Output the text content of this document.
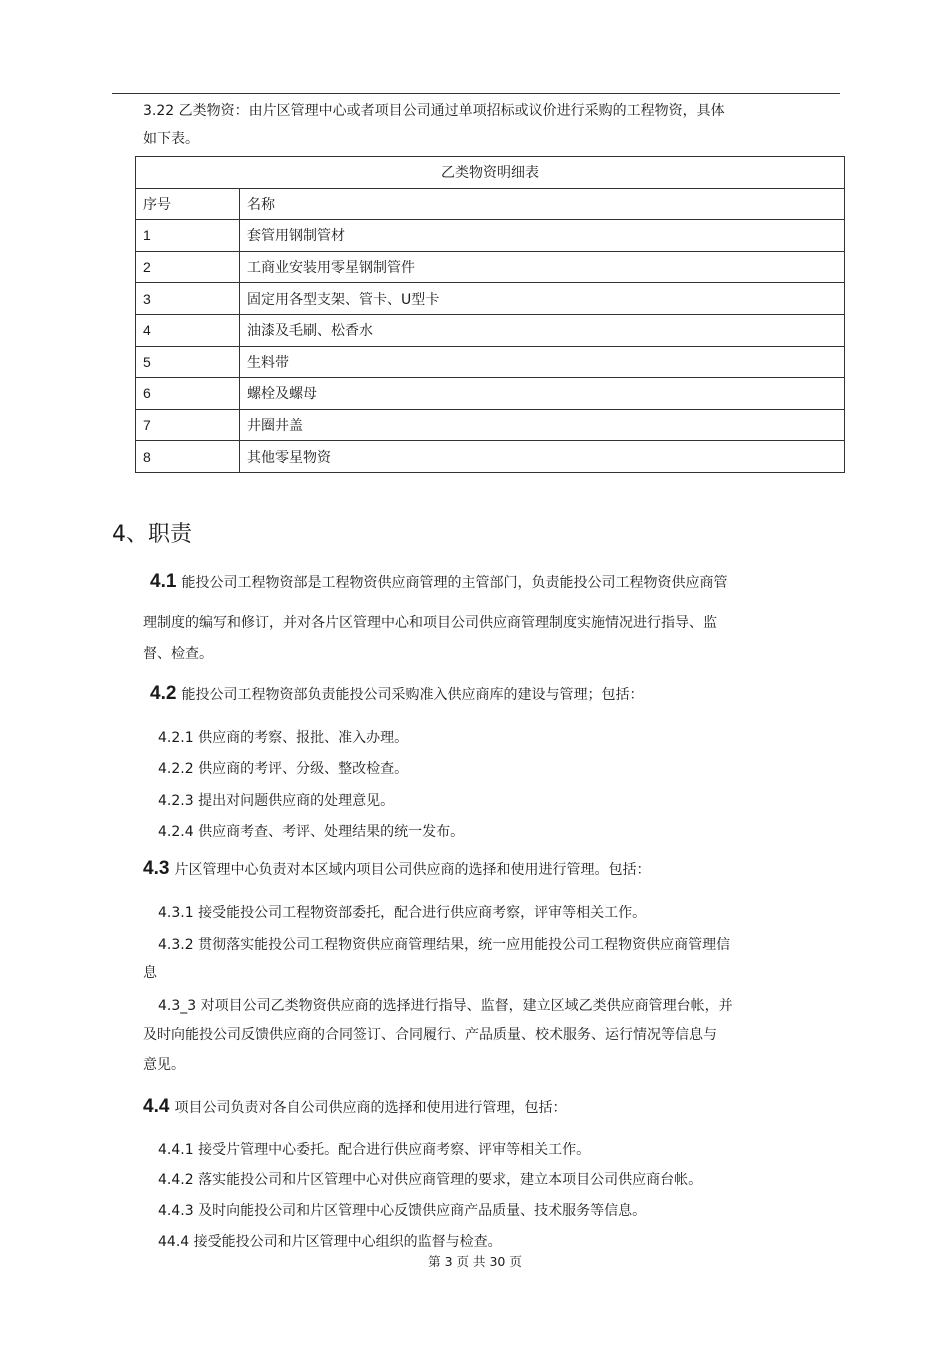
3.22 乙类物资：由片区管理中心或者项目公司通过单项招标或议价进行采购的工程物资，具体
如下表。
乙类物资明细表	
序号	名称
1	套管用钢制管材
2	工商业安装用零星钢制管件
3	固定用各型支架、管卡、U型卡
4	油漆及毛刷、松香水
5	生料带
6	螺栓及螺母
7	井圈井盖
8	其他零星物资
4、职责
4.1 能投公司工程物资部是工程物资供应商管理的主管部门，负责能投公司工程物资供应商管
理制度的编写和修订，并对各片区管理中心和项目公司供应商管理制度实施情况进行指导、监
督、检查。
4.2 能投公司工程物资部负责能投公司采购准入供应商库的建设与管理；包括：
4.2.1 供应商的考察、报批、准入办理。
4.2.2 供应商的考评、分级、整改检查。
4.2.3 提出对问题供应商的处理意见。
4.2.4 供应商考查、考评、处理结果的统一发布。
4.3 片区管理中心负责对本区域内项目公司供应商的选择和使用进行管理。包括：
4.3.1 接受能投公司工程物资部委托，配合进行供应商考察，评审等相关工作。
4.3.2 贯彻落实能投公司工程物资供应商管理结果，统一应用能投公司工程物资供应商管理信
息
4.3_3 对项目公司乙类物资供应商的选择进行指导、监督，建立区域乙类供应商管理台帐，并
及时向能投公司反馈供应商的合同签订、合同履行、产品质量、校术服务、运行情况等信息与
意见。
4.4 项目公司负责对各自公司供应商的选择和使用进行管理，包括：
4.4.1 接受片管理中心委托。配合进行供应商考察、评审等相关工作。
4.4.2 落实能投公司和片区管理中心对供应商管理的要求，建立本项目公司供应商台帐。
4.4.3 及时向能投公司和片区管理中心反馈供应商产品质量、技术服务等信息。
44.4 接受能投公司和片区管理中心组织的监督与检查。
第 3 页 共 30 页
